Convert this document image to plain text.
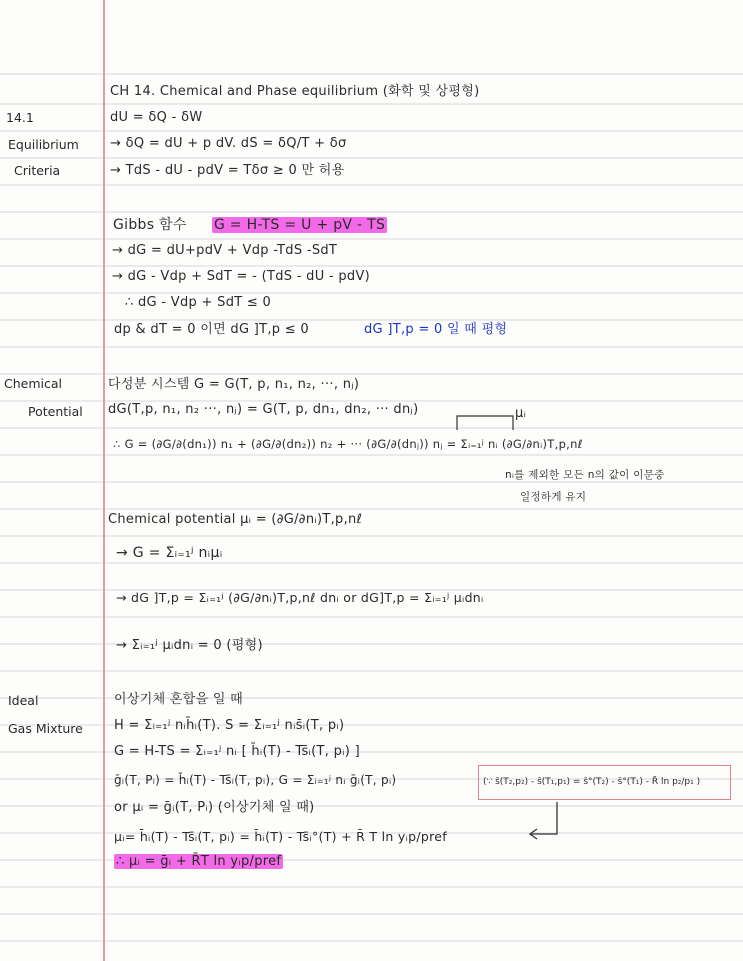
14.1
Equilibrium
Criteria
Chemical
Potential
Ideal
Gas Mixture
CH 14. Chemical and Phase equilibrium (화학 및 상평형)
dU = δQ - δW
→ δQ = dU + p dV. dS = δQ/T + δσ
→ TdS - dU - pdV = Tδσ ≥ 0 만 허용
Gibbs 함수 G = H-TS = U + pV - TS
→ dG = dU+pdV + Vdp -TdS -SdT
→ dG - Vdp + SdT = - (TdS - dU - pdV)
∴ dG - Vdp + SdT ≤ 0
dp & dT = 0 이면 dG ]T,p ≤ 0	dG ]T,p = 0 일 때 평형
다성분 시스템 G = G(T, p, n₁, n₂, ···, nⱼ)
dG(T,p, n₁, n₂ ···, nⱼ) = G(T, p, dn₁, dn₂, ··· dnⱼ)
∴ G = (∂G/∂(dn₁)) n₁ + (∂G/∂(dn₂)) n₂ + ··· (∂G/∂(dnⱼ)) nⱼ = Σᵢ₌₁ʲ nᵢ (∂G/∂nᵢ)T,p,nℓ
μᵢ
nᵢ를 제외한 모든 n의 값이 이문중
일정하게 유지
Chemical potential μᵢ = (∂G/∂nᵢ)T,p,nℓ
→ G = Σᵢ₌₁ʲ nᵢμᵢ
→ dG ]T,p = Σᵢ₌₁ʲ (∂G/∂nᵢ)T,p,nℓ dnᵢ or dG]T,p = Σᵢ₌₁ʲ μᵢdnᵢ
→ Σᵢ₌₁ʲ μᵢdnᵢ = 0 (평형)
이상기체 혼합을 일 때
H = Σᵢ₌₁ʲ nᵢh̄ᵢ(T). S = Σᵢ₌₁ʲ nᵢs̄ᵢ(T, pᵢ)
G = H-TS = Σᵢ₌₁ʲ nᵢ [ h̄ᵢ(T) - Ts̄ᵢ(T, pᵢ) ]
ḡᵢ(T, Pᵢ) = h̄ᵢ(T) - Ts̄ᵢ(T, pᵢ), G = Σᵢ₌₁ʲ nᵢ ḡᵢ(T, pᵢ)	(∵ s̄(T₂,p₂) - s̄(T₁,p₁) = s̄°(T₂) - s̄°(T₁) - R̄ ln p₂/p₁ )
or μᵢ = ḡᵢ(T, Pᵢ) (이상기체 일 때)
μᵢ= h̄ᵢ(T) - Ts̄ᵢ(T, pᵢ) = h̄ᵢ(T) - Ts̄ᵢ°(T) + R̄ T ln yᵢp/pref
∴ μᵢ = ḡᵢ + R̄T ln yᵢp/pref
